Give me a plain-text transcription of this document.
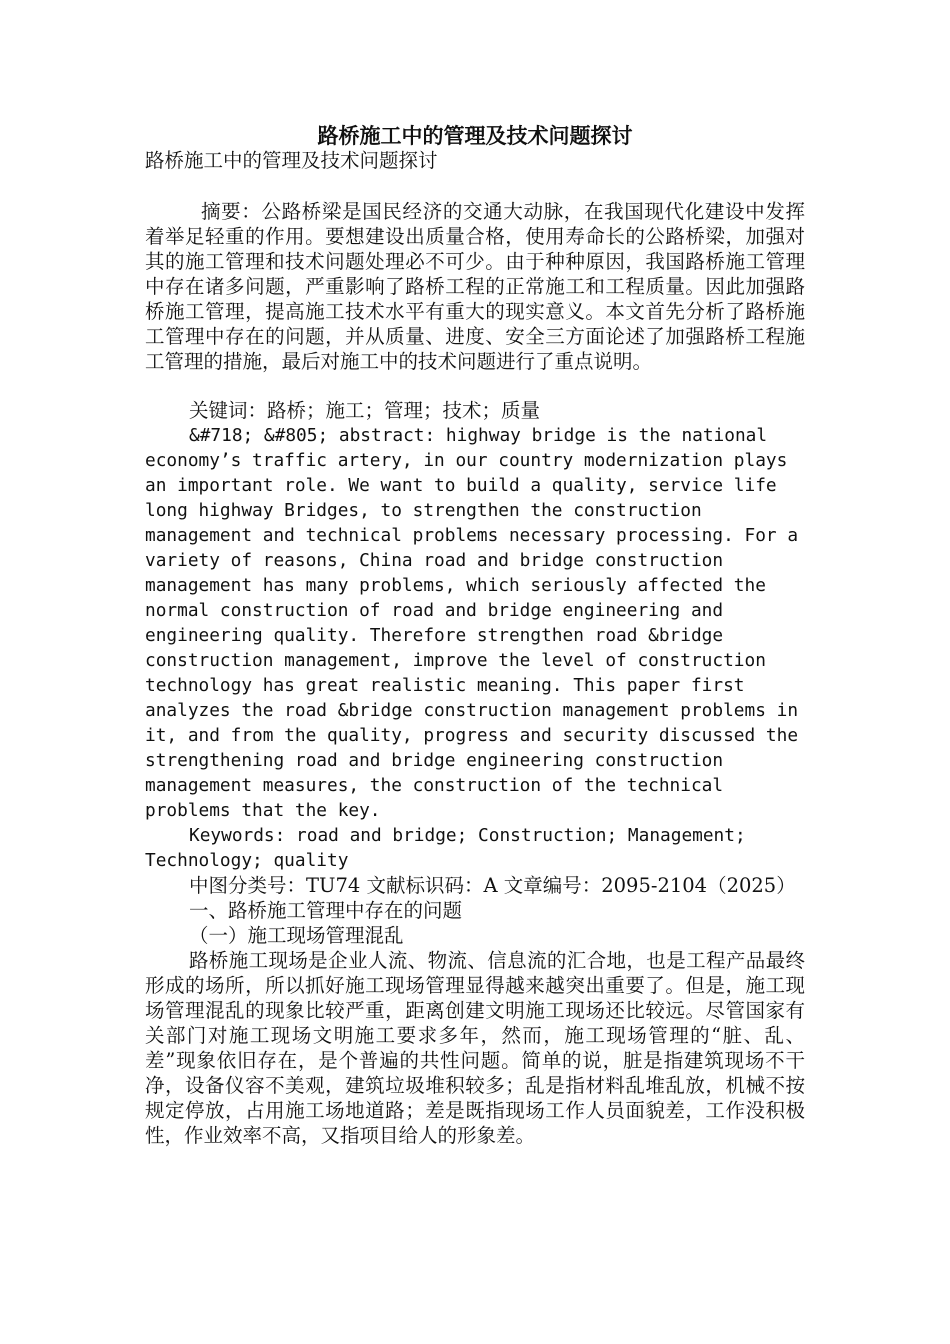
路桥施工中的管理及技术问题探讨

路桥施工中的管理及技术问题探讨

摘要：公路桥梁是国民经济的交通大动脉，在我国现代化建设中发挥着举足轻重的作用。要想建设出质量合格，使用寿命长的公路桥梁，加强对其的施工管理和技术问题处理必不可少。由于种种原因，我国路桥施工管理中存在诸多问题，严重影响了路桥工程的正常施工和工程质量。因此加强路桥施工管理，提高施工技术水平有重大的现实意义。本文首先分析了路桥施工管理中存在的问题，并从质量、进度、安全三方面论述了加强路桥工程施工管理的措施，最后对施工中的技术问题进行了重点说明。

关键词：路桥；施工；管理；技术；质量

&#718; &#805; abstract: highway bridge is the national economy’s traffic artery, in our country modernization plays an important role. We want to build a quality, service life long highway Bridges, to strengthen the construction management and technical problems necessary processing. For a variety of reasons, China road and bridge construction management has many problems, which seriously affected the normal construction of road and bridge engineering and engineering quality. Therefore strengthen road &bridge construction management, improve the level of construction technology has great realistic meaning. This paper first analyzes the road &bridge construction management problems in it, and from the quality, progress and security discussed the strengthening road and bridge engineering construction management measures, the construction of the technical problems that the key.

Keywords: road and bridge; Construction; Management; Technology; quality

中图分类号：TU74 文献标识码：A 文章编号：2095-2104（2025）

一、路桥施工管理中存在的问题

（一）施工现场管理混乱

路桥施工现场是企业人流、物流、信息流的汇合地，也是工程产品最终形成的场所，所以抓好施工现场管理显得越来越突出重要了。但是，施工现场管理混乱的现象比较严重，距离创建文明施工现场还比较远。尽管国家有关部门对施工现场文明施工要求多年，然而，施工现场管理的“脏、乱、差”现象依旧存在，是个普遍的共性问题。简单的说，脏是指建筑现场不干净，设备仪容不美观，建筑垃圾堆积较多；乱是指材料乱堆乱放，机械不按规定停放，占用施工场地道路；差是既指现场工作人员面貌差，工作没积极性，作业效率不高，又指项目给人的形象差。
